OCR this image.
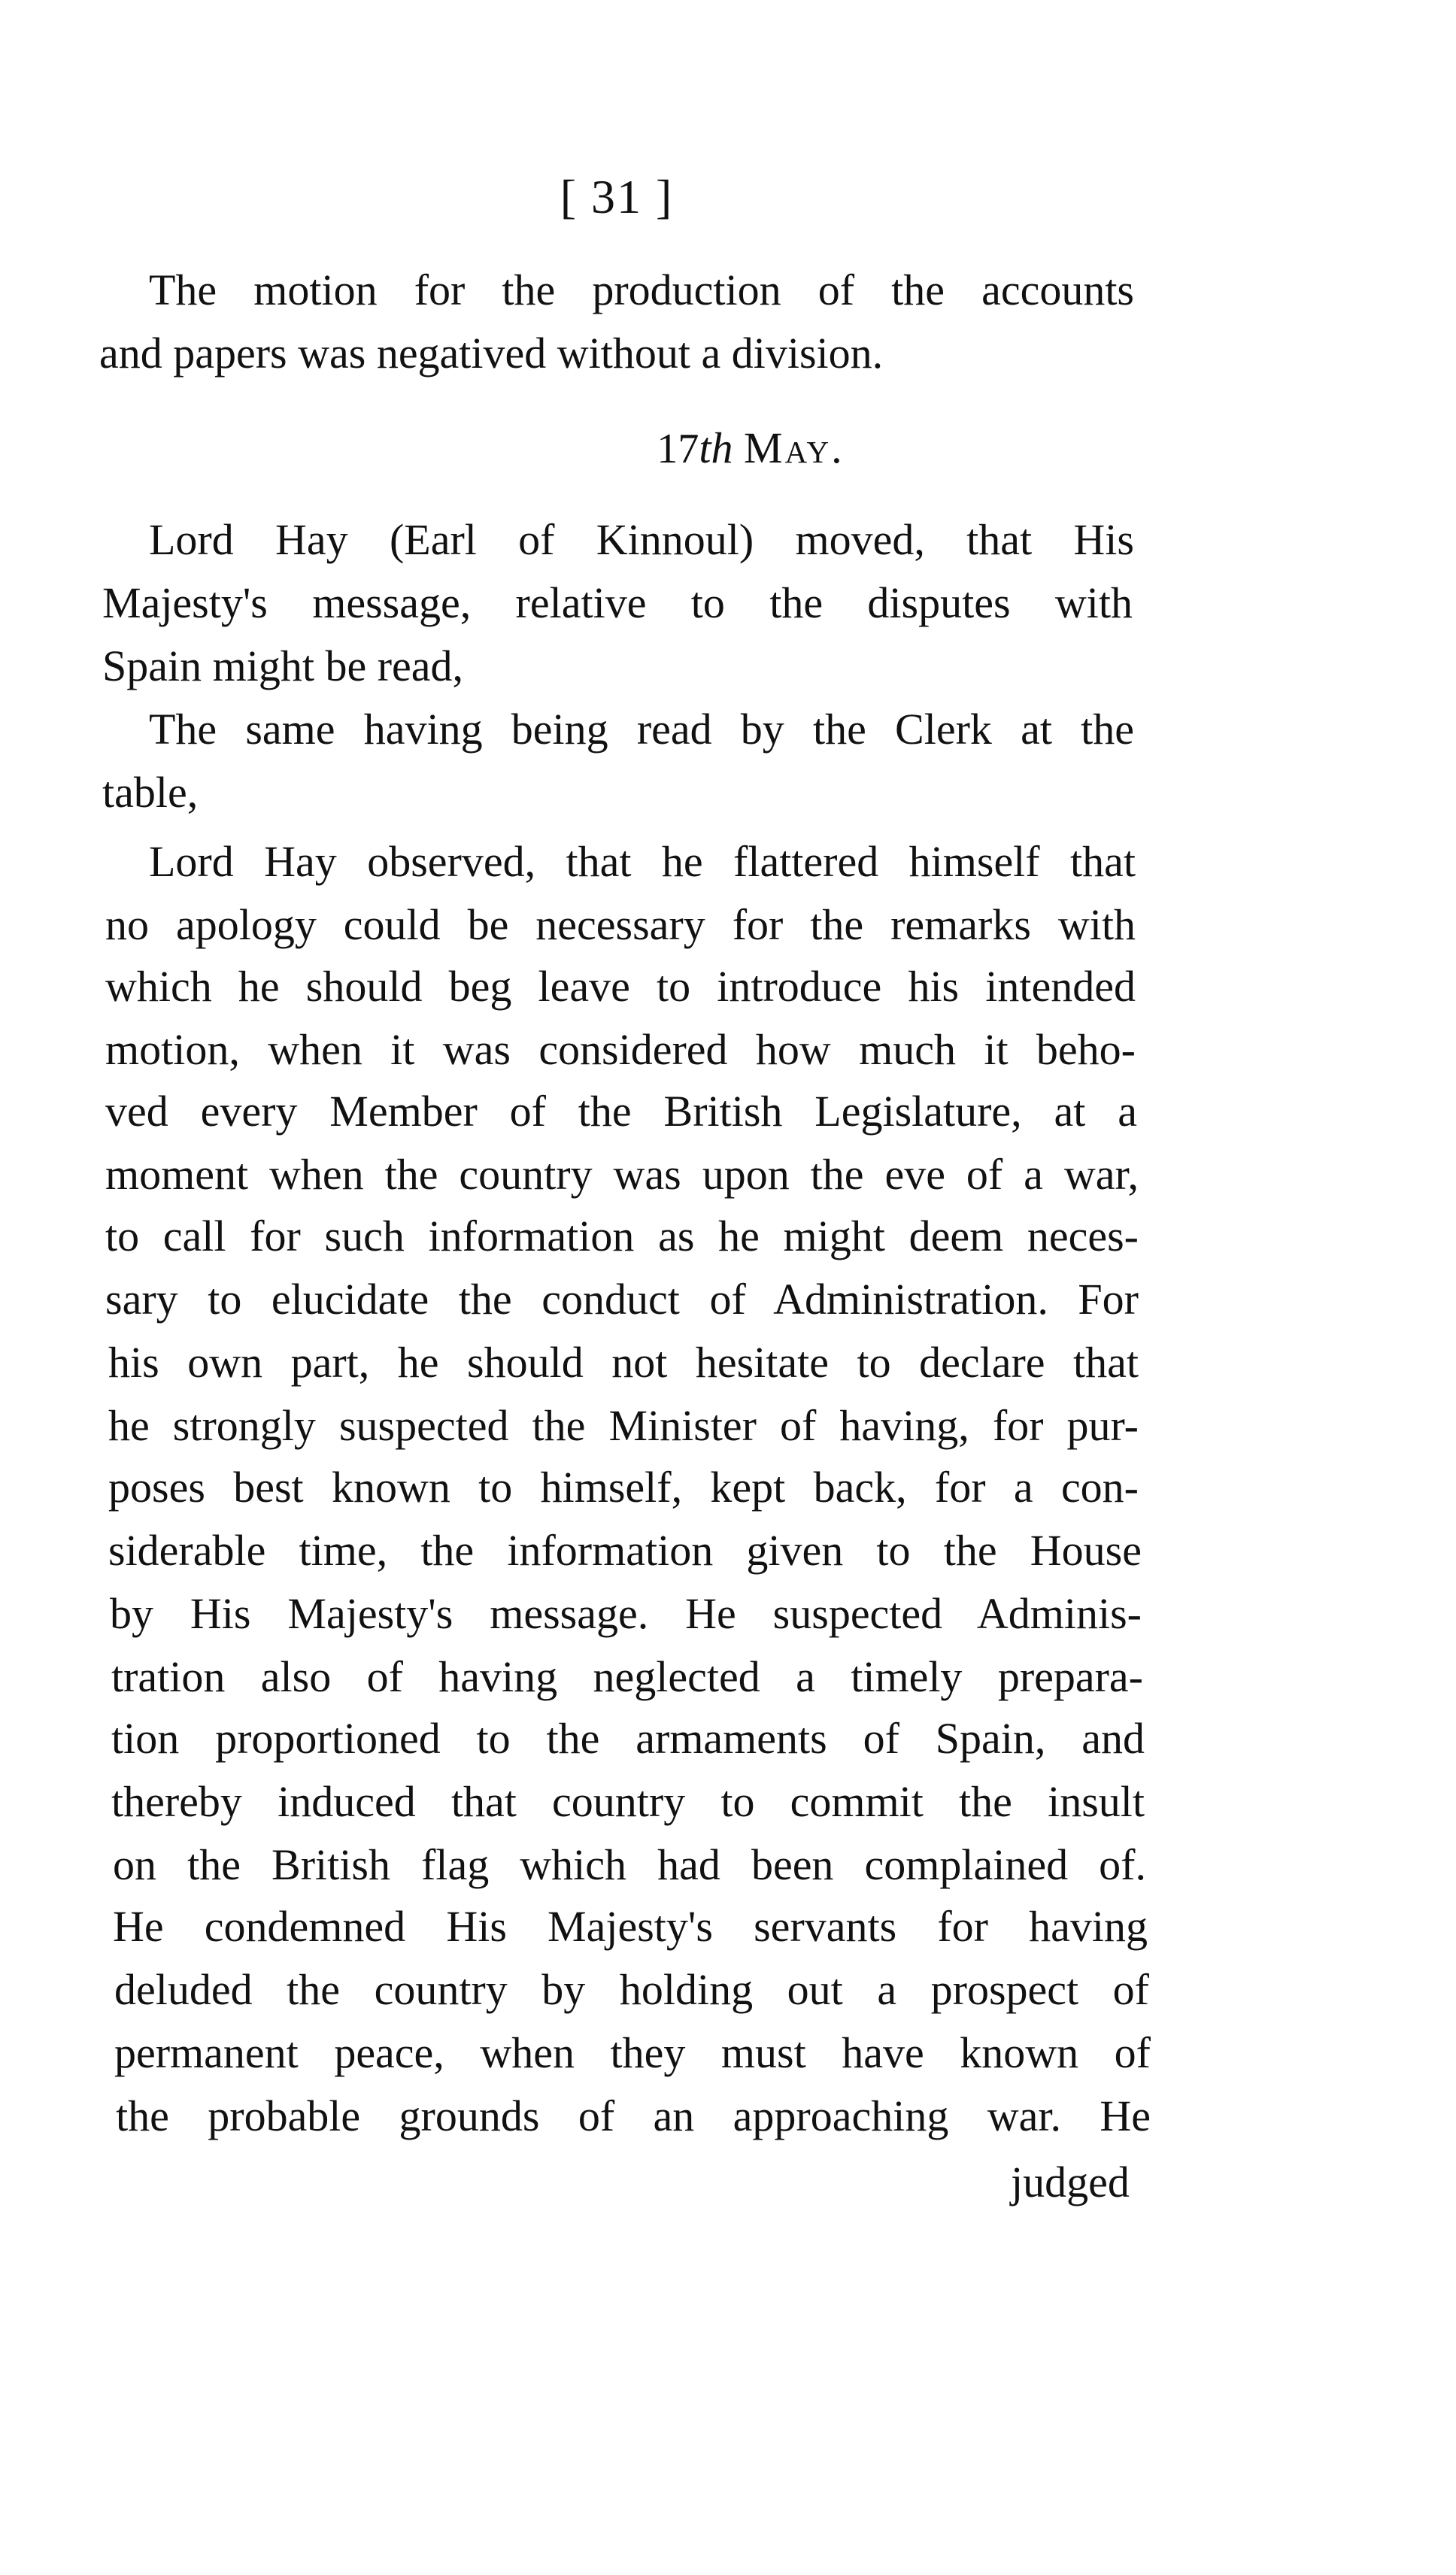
[ 31 ]
The motion for the production of the accounts
and papers was negatived without a division.
17th May.
Lord Hay (Earl of Kinnoul) moved, that His
Majesty's message, relative to the disputes with
Spain might be read,
The same having being read by the Clerk at the
table,
Lord Hay observed, that he flattered himself that
no apology could be necessary for the remarks with
which he should beg leave to introduce his intended
motion, when it was considered how much it beho-
ved every Member of the British Legislature, at a
moment when the country was upon the eve of a war,
to call for such information as he might deem neces-
sary to elucidate the conduct of Administration. For
his own part, he should not hesitate to declare that
he strongly suspected the Minister of having, for pur-
poses best known to himself, kept back, for a con-
siderable time, the information given to the House
by His Majesty's message. He suspected Adminis-
tration also of having neglected a timely prepara-
tion proportioned to the armaments of Spain, and
thereby induced that country to commit the insult
on the British flag which had been complained of.
He condemned His Majesty's servants for having
deluded the country by holding out a prospect of
permanent peace, when they must have known of
the probable grounds of an approaching war. He
judged
